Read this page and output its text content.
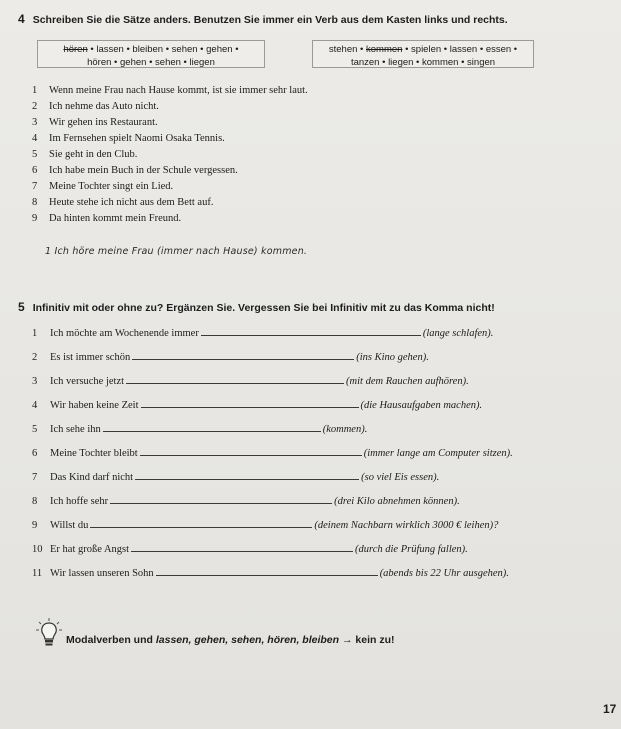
4 Schreiben Sie die Sätze anders. Benutzen Sie immer ein Verb aus dem Kasten links und rechts.
hören • lassen • bleiben • sehen • gehen •
hören • gehen • sehen • liegen
stehen • kommen • spielen • lassen • essen •
tanzen • liegen • kommen • singen
1 Wenn meine Frau nach Hause kommt, ist sie immer sehr laut.
2 Ich nehme das Auto nicht.
3 Wir gehen ins Restaurant.
4 Im Fernsehen spielt Naomi Osaka Tennis.
5 Sie geht in den Club.
6 Ich habe mein Buch in der Schule vergessen.
7 Meine Tochter singt ein Lied.
8 Heute stehe ich nicht aus dem Bett auf.
9 Da hinten kommt mein Freund.
1 Ich höre meine Frau (immer nach Hause) kommen.
5 Infinitiv mit oder ohne zu? Ergänzen Sie. Vergessen Sie bei Infinitiv mit zu das Komma nicht!
1 Ich möchte am Wochenende immer	(lange schlafen).
2 Es ist immer schön	(ins Kino gehen).
3 Ich versuche jetzt	(mit dem Rauchen aufhören).
4 Wir haben keine Zeit	(die Hausaufgaben machen).
5 Ich sehe ihn	(kommen).
6 Meine Tochter bleibt	(immer lange am Computer sitzen).
7 Das Kind darf nicht	(so viel Eis essen).
8 Ich hoffe sehr	(drei Kilo abnehmen können).
9 Willst du	(deinem Nachbarn wirklich 3000 € leihen)?
10 Er hat große Angst	(durch die Prüfung fallen).
11 Wir lassen unseren Sohn	(abends bis 22 Uhr ausgehen).
Modalverben und lassen, gehen, sehen, hören, bleiben → kein zu!
17
